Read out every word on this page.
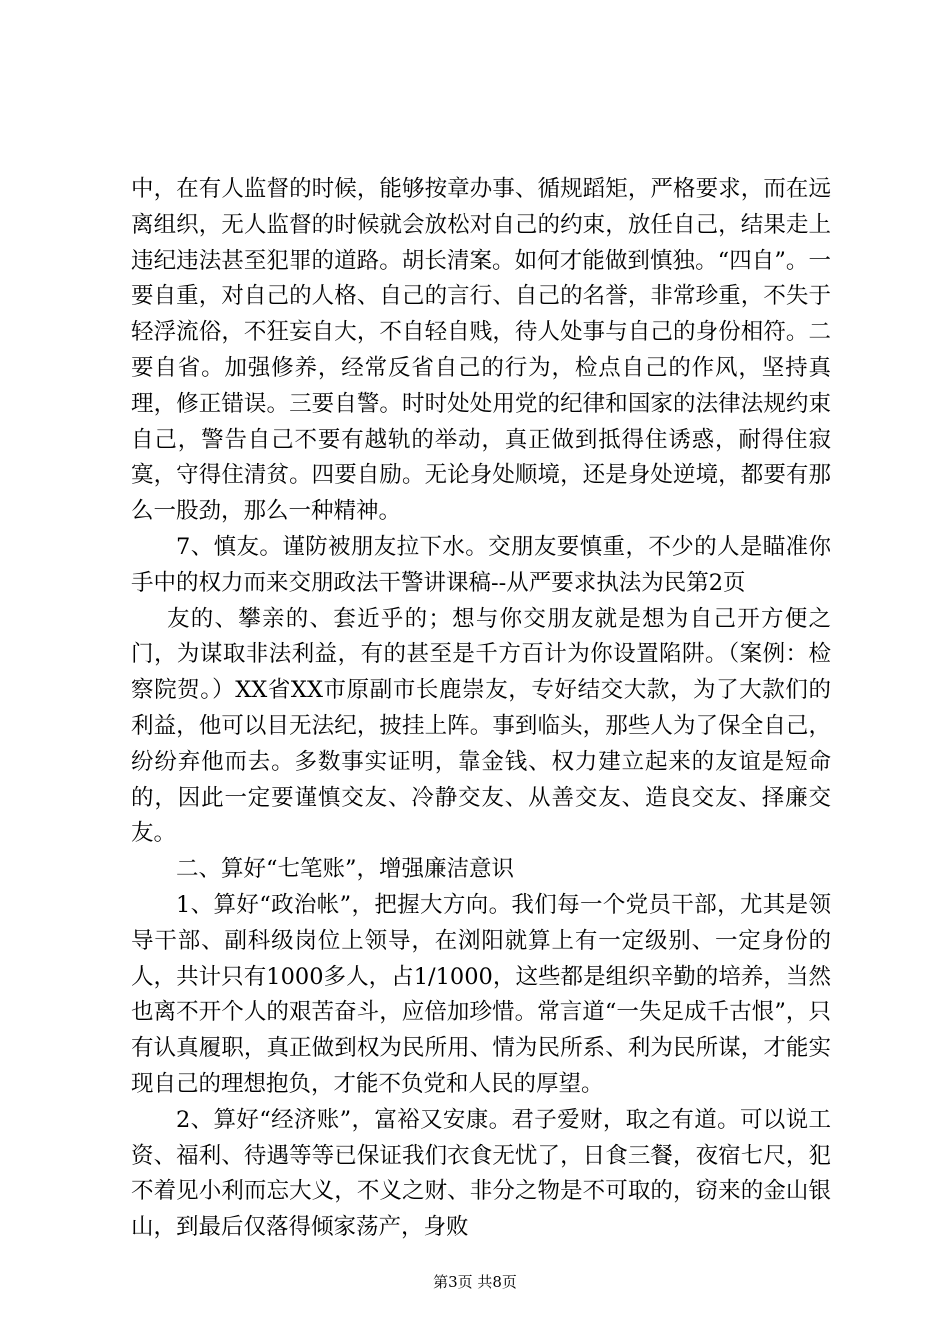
中，在有人监督的时候，能够按章办事、循规蹈矩，严格要求，而在远离组织，无人监督的时候就会放松对自己的约束，放任自己，结果走上违纪违法甚至犯罪的道路。胡长清案。如何才能做到慎独。“四自”。一要自重，对自己的人格、自己的言行、自己的名誉，非常珍重，不失于轻浮流俗，不狂妄自大，不自轻自贱，待人处事与自己的身份相符。二要自省。加强修养，经常反省自己的行为，检点自己的作风，坚持真理，修正错误。三要自警。时时处处用党的纪律和国家的法律法规约束自己，警告自己不要有越轨的举动，真正做到抵得住诱惑，耐得住寂寞，守得住清贫。四要自励。无论身处顺境，还是身处逆境，都要有那么一股劲，那么一种精神。

7、慎友。谨防被朋友拉下水。交朋友要慎重，不少的人是瞄准你手中的权力而来交朋政法干警讲课稿--从严要求执法为民第2页

友的、攀亲的、套近乎的；想与你交朋友就是想为自己开方便之门，为谋取非法利益，有的甚至是千方百计为你设置陷阱。（案例：检察院贺。）XX省XX市原副市长鹿崇友，专好结交大款，为了大款们的利益，他可以目无法纪，披挂上阵。事到临头，那些人为了保全自己，纷纷弃他而去。多数事实证明，靠金钱、权力建立起来的友谊是短命的，因此一定要谨慎交友、冷静交友、从善交友、造良交友、择廉交友。

二、算好“七笔账”，增强廉洁意识

1、算好“政治帐”，把握大方向。我们每一个党员干部，尤其是领导干部、副科级岗位上领导，在浏阳就算上有一定级别、一定身份的人，共计只有1000多人，占1/1000，这些都是组织辛勤的培养，当然也离不开个人的艰苦奋斗，应倍加珍惜。常言道“一失足成千古恨”，只有认真履职，真正做到权为民所用、情为民所系、利为民所谋，才能实现自己的理想抱负，才能不负党和人民的厚望。

2、算好“经济账”，富裕又安康。君子爱财，取之有道。可以说工资、福利、待遇等等已保证我们衣食无忧了，日食三餐，夜宿七尺，犯不着见小利而忘大义，不义之财、非分之物是不可取的，窃来的金山银山，到最后仅落得倾家荡产，身败

第3页 共8页
